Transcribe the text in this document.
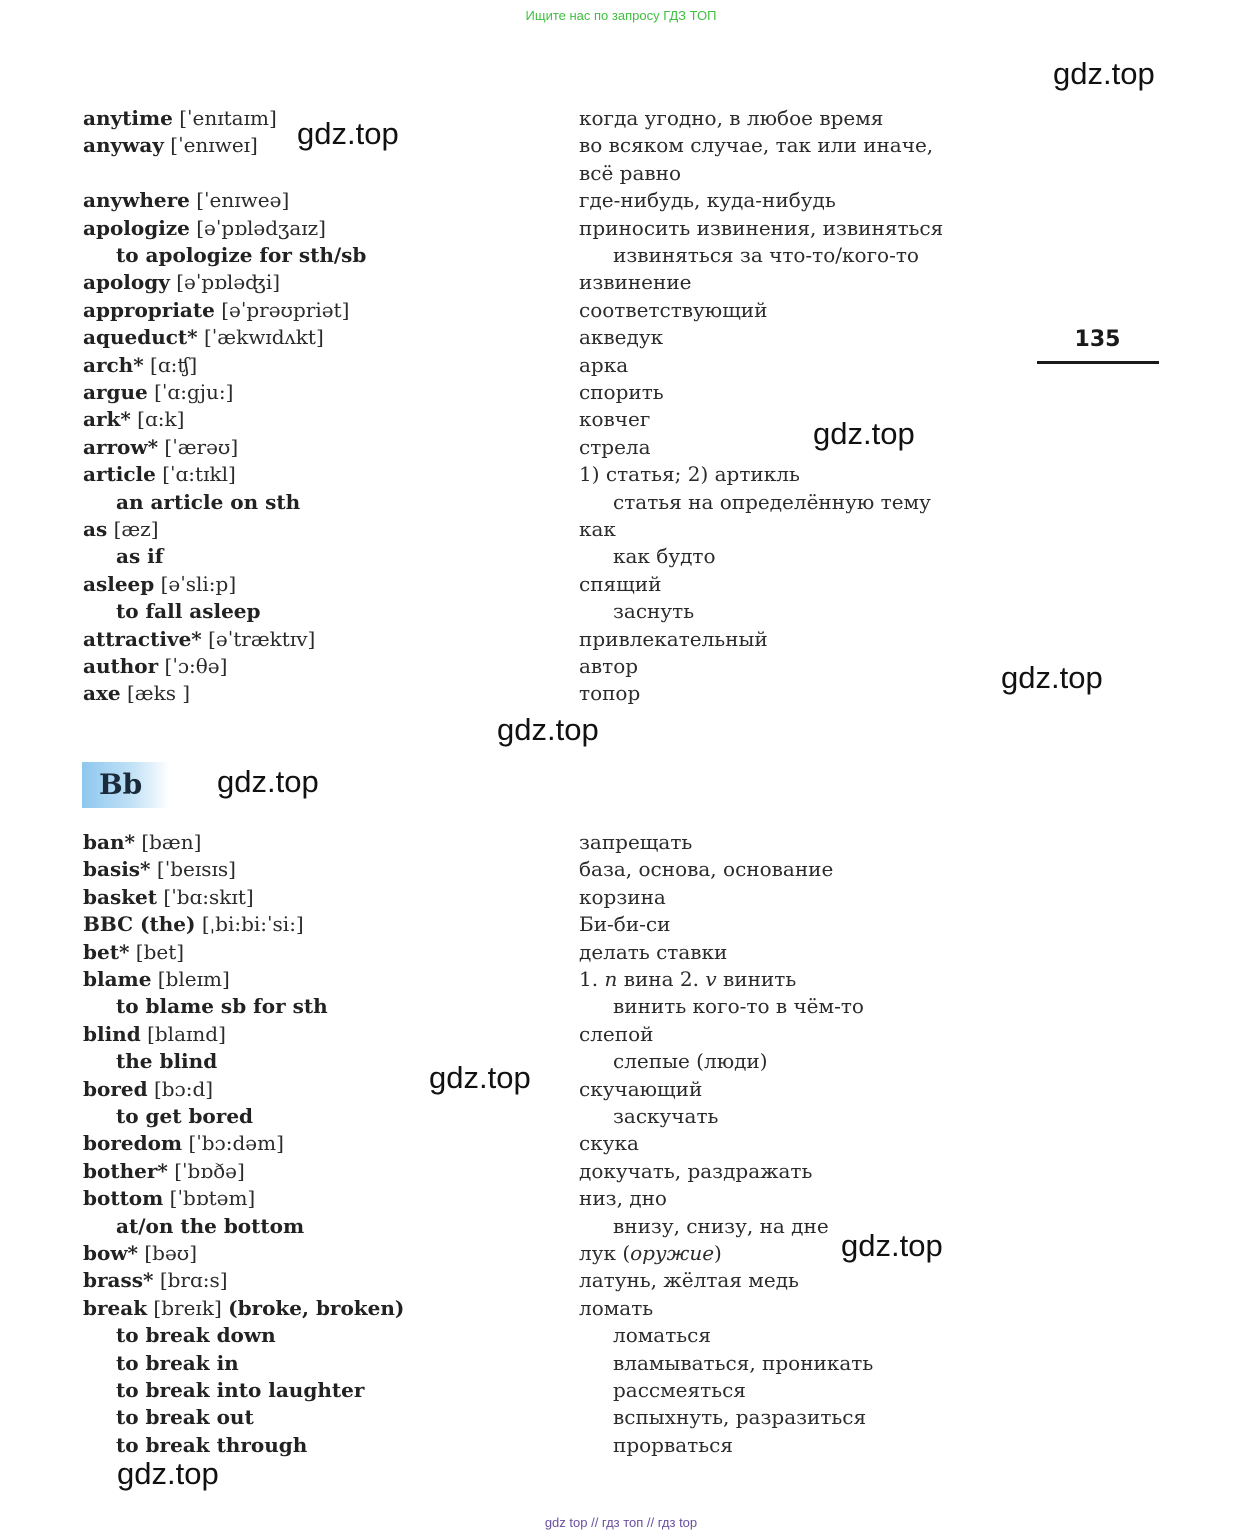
Ищите нас по запросу ГДЗ ТОП
135
gdz.top
gdz.top
gdz.top
gdz.top
gdz.top
gdz.top
gdz.top
gdz.top
gdz.top
Bb
anytime [ˈenɪtaɪm]	когда угодно, в любое время
anyway [ˈenɪweɪ]	во всяком случае, так или иначе,
всё равно
anywhere [ˈenɪweə]	где-нибудь, куда-нибудь
apologize [əˈpɒlədʒaɪz]	приносить извинения, извиняться
to apologize for sth/sb	извиняться за что-то/кого-то
apology [əˈpɒləʤi]	извинение
appropriate [əˈprəʊpriət]	соответствующий
aqueduct* [ˈækwɪdʌkt]	акведук
arch* [ɑ:ʧ]	арка
argue [ˈɑ:gju:]	спорить
ark* [ɑ:k]	ковчег
arrow* [ˈærəʊ]	стрела
article [ˈɑ:tɪkl]	1) статья; 2) артикль
an article on sth	статья на определённую тему
as [æz]	как
as if	как будто
asleep [əˈsli:p]	спящий
to fall asleep	заснуть
attractive* [əˈtræktɪv]	привлекательный
author [ˈɔ:θə]	автор
axe [æks ]	топор
ban* [bæn]	запрещать
basis* [ˈbeɪsɪs]	база, основа, основание
basket [ˈbɑ:skɪt]	корзина
BBC (the) [ˌbi:bi:ˈsi:]	Би-би-си
bet* [bet]	делать ставки
blame [bleɪm]	1. n вина 2. v винить
to blame sb for sth	винить кого-то в чём-то
blind [blaɪnd]	слепой
the blind	слепые (люди)
bored [bɔ:d]	скучающий
to get bored	заскучать
boredom [ˈbɔ:dəm]	скука
bother* [ˈbɒðə]	докучать, раздражать
bottom [ˈbɒtəm]	низ, дно
at/on the bottom	внизу, снизу, на дне
bow* [bəʊ]	лук (оружие)
brass* [brɑ:s]	латунь, жёлтая медь
break [breɪk] (broke, broken)	ломать
to break down	ломаться
to break in	вламываться, проникать
to break into laughter	рассмеяться
to break out	вспыхнуть, разразиться
to break through	прорваться
gdz top // гдз топ // гдз top
